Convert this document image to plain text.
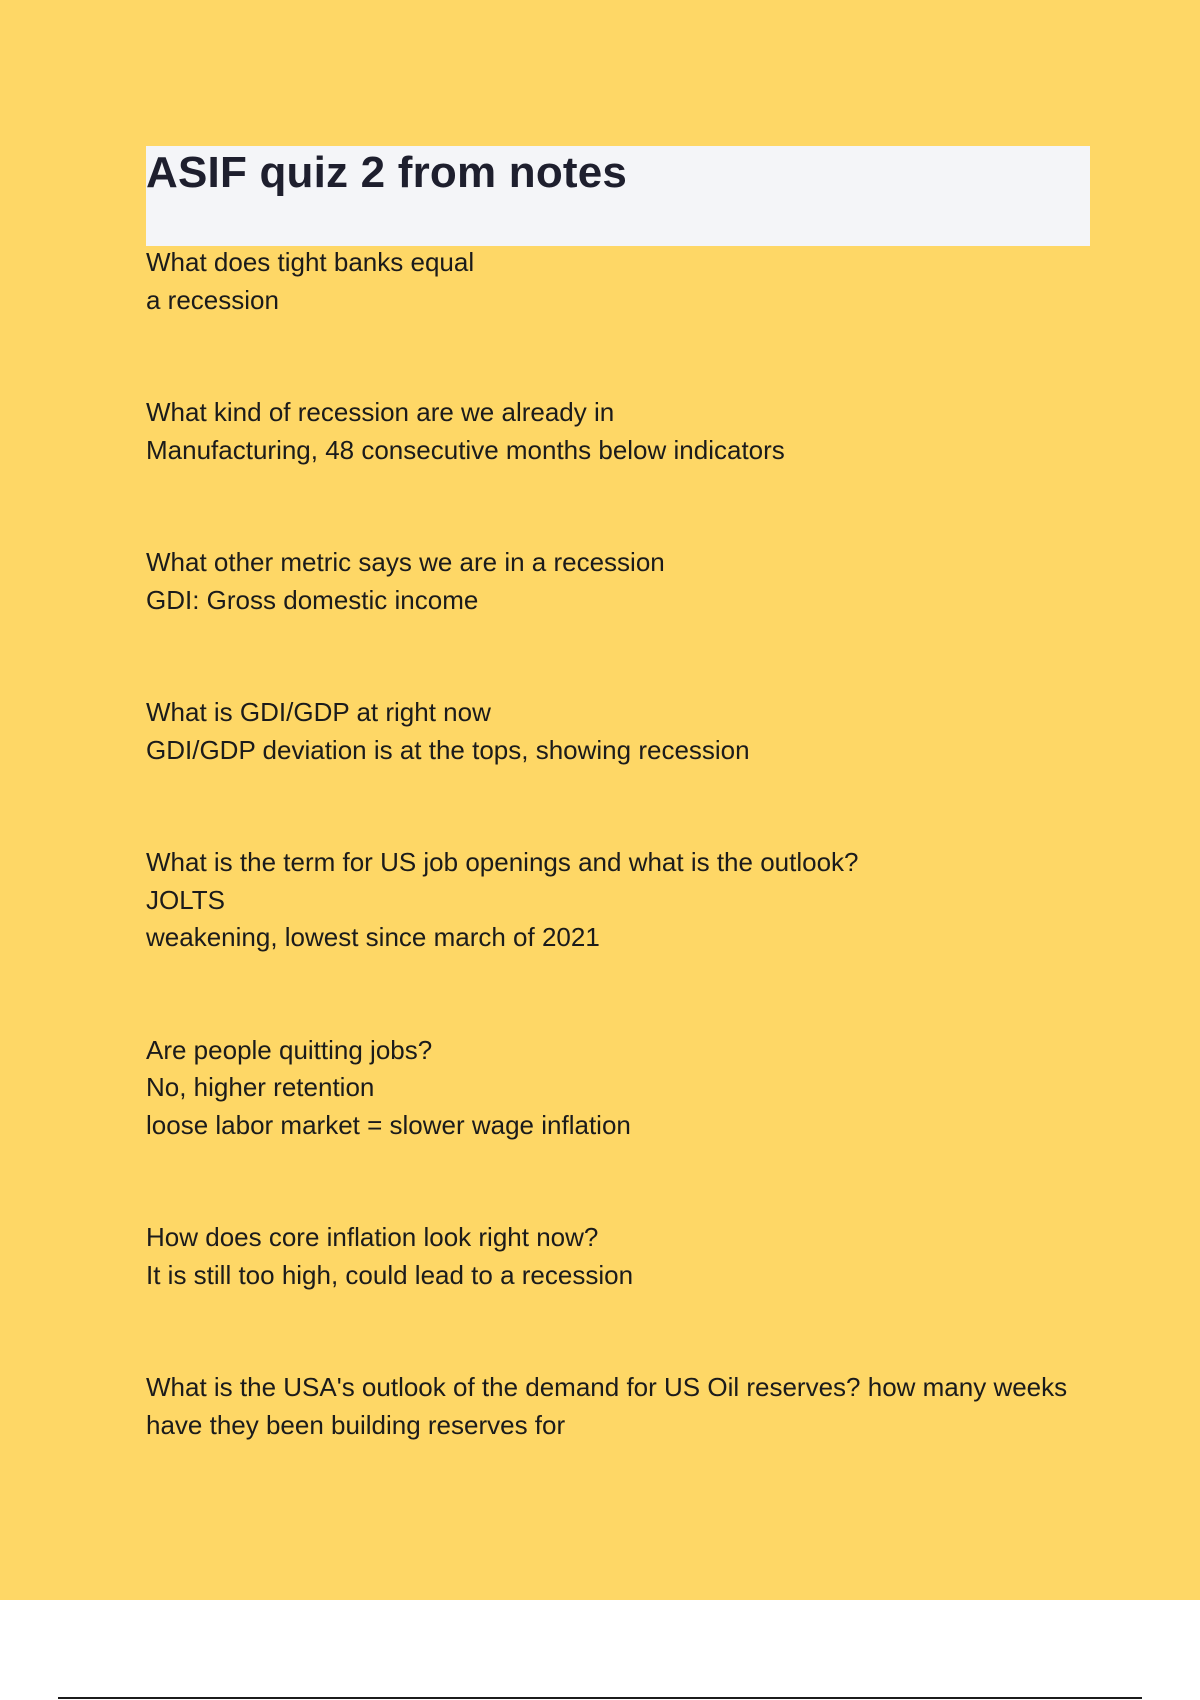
ASIF quiz 2 from notes

What does tight banks equal

a recession

What kind of recession are we already in

Manufacturing, 48 consecutive months below indicators

What other metric says we are in a recession

GDI: Gross domestic income

What is GDI/GDP at right now

GDI/GDP deviation is at the tops, showing recession

What is the term for US job openings and what is the outlook?

JOLTS

weakening, lowest since march of 2021

Are people quitting jobs?

No, higher retention

loose labor market = slower wage inflation

How does core inflation look right now?

It is still too high, could lead to a recession

What is the USA's outlook of the demand for US Oil reserves? how many weeks have they been building reserves for
